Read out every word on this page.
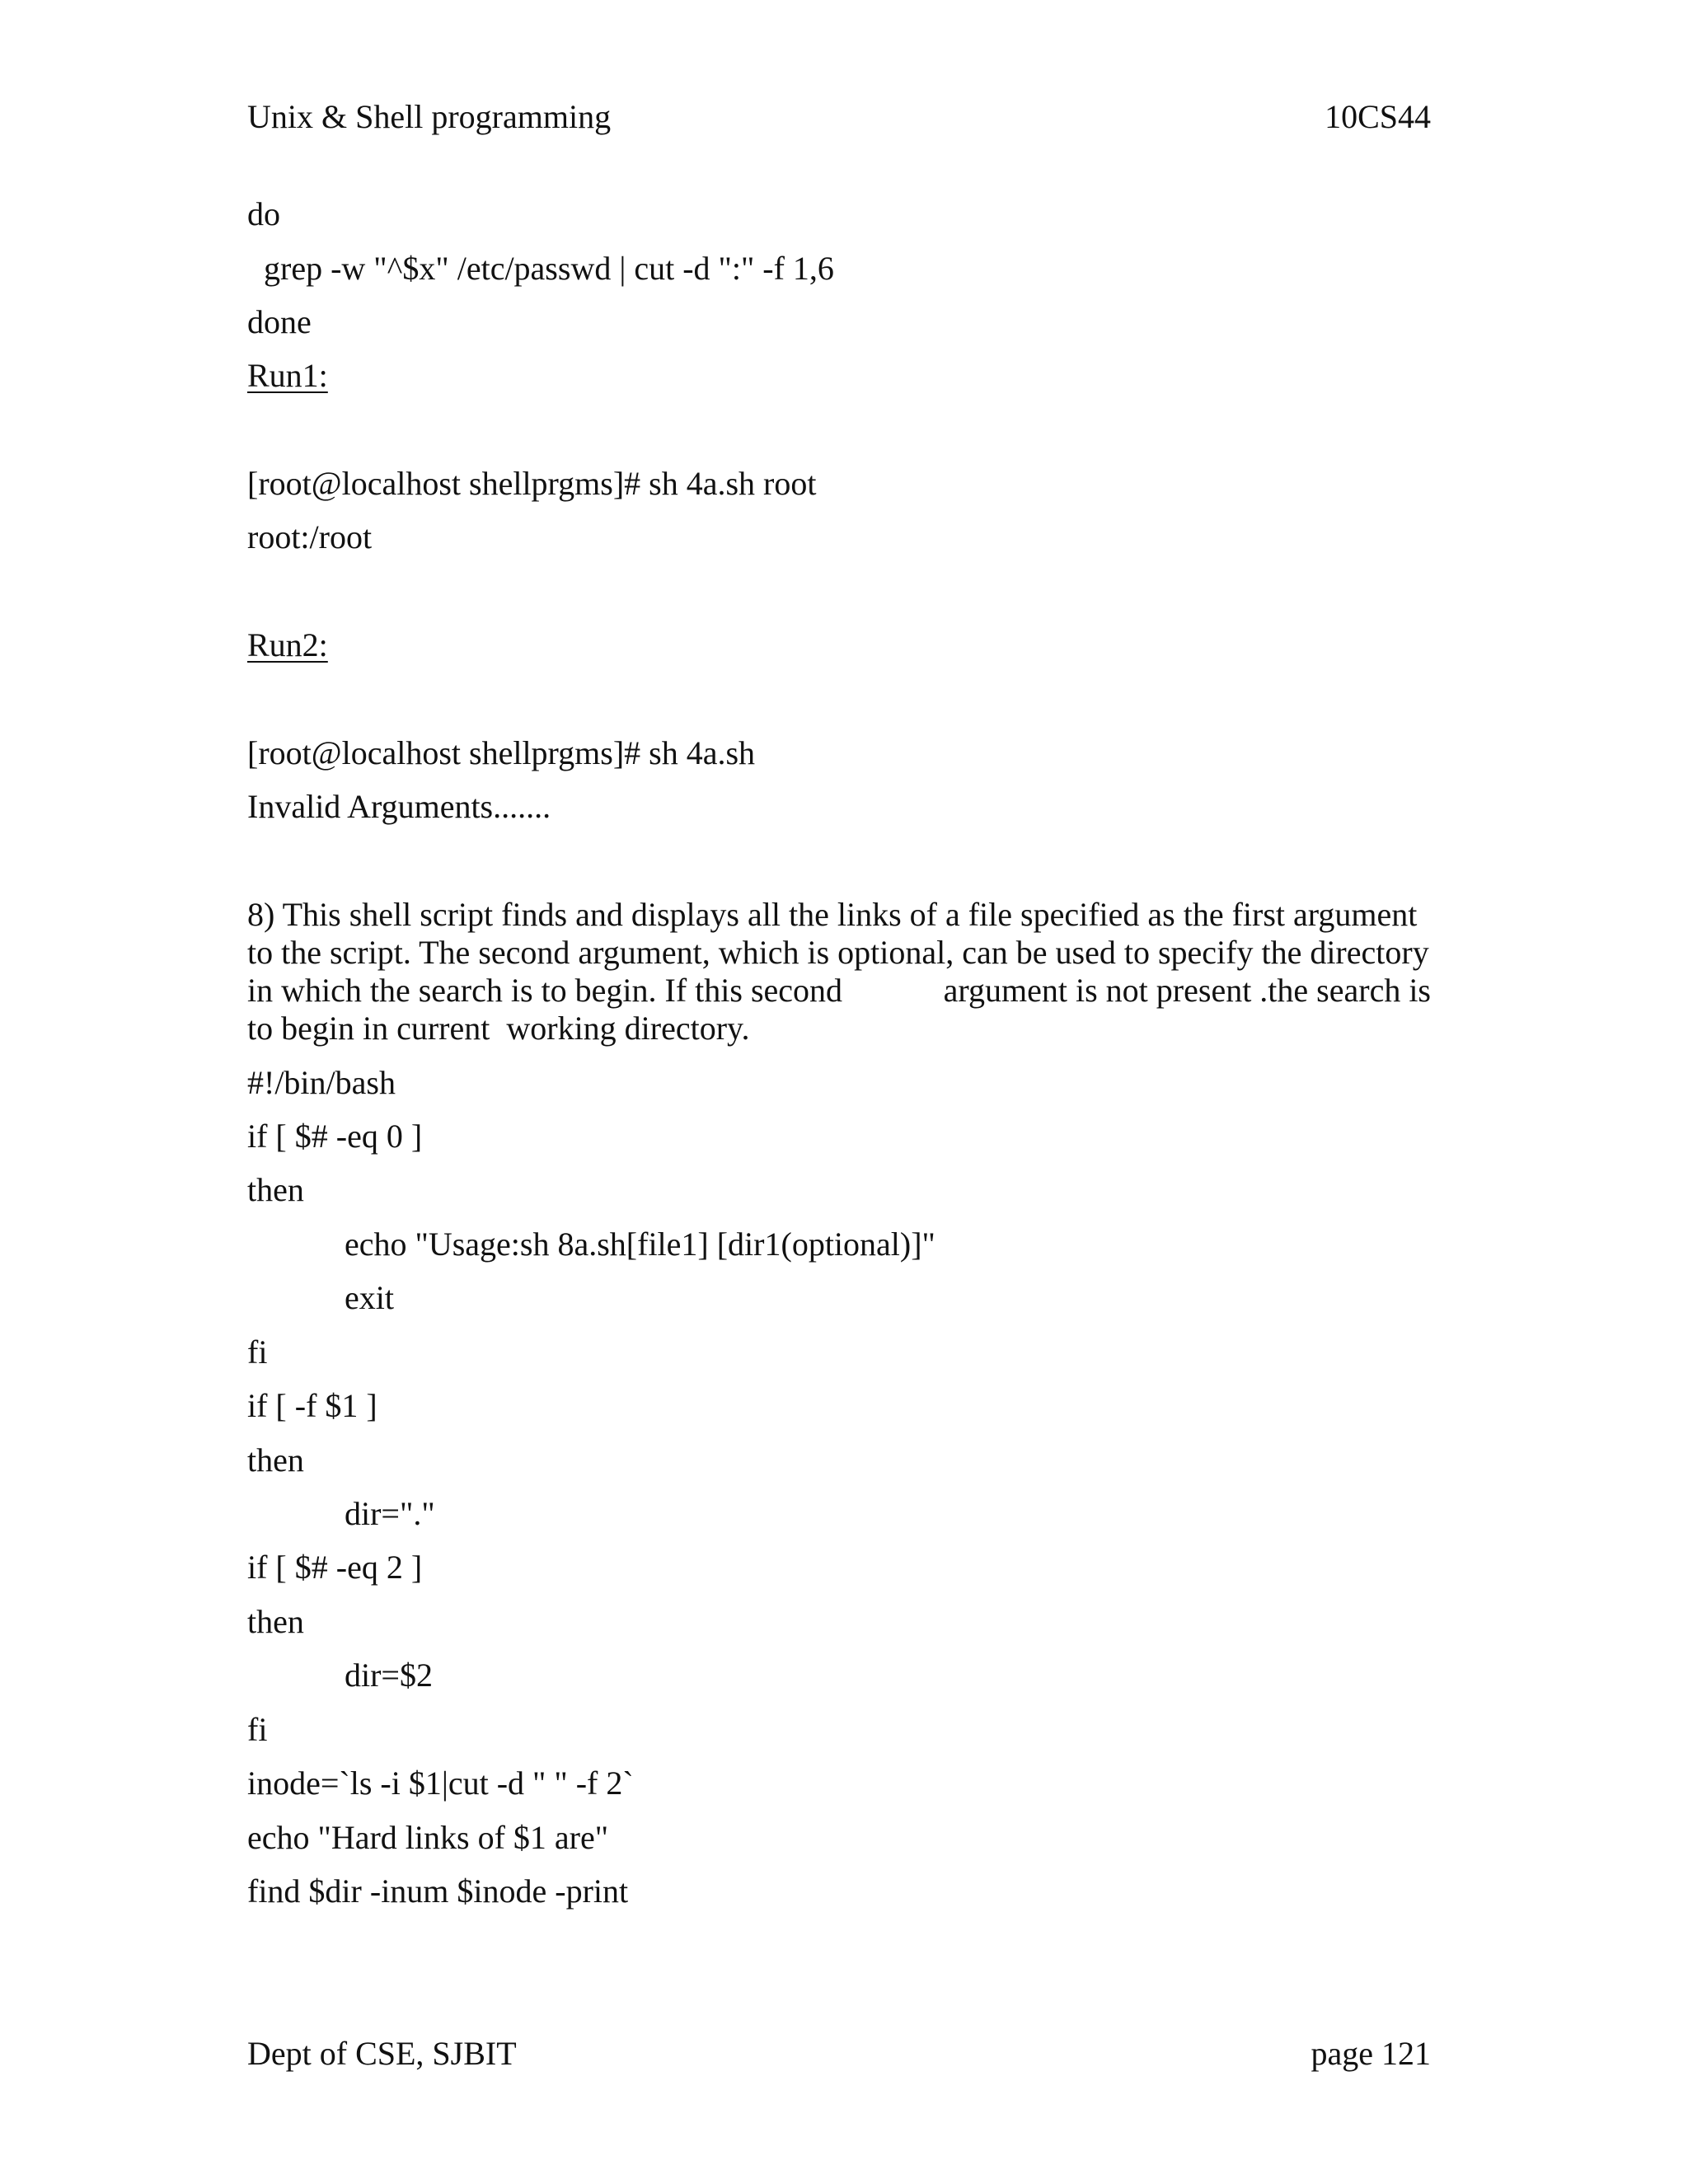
Unix & Shell programming	10CS44
do
grep -w "^$x" /etc/passwd | cut -d ":" -f 1,6
done
Run1:
[root@localhost shellprgms]# sh 4a.sh root
root:/root
Run2:
[root@localhost shellprgms]# sh 4a.sh
Invalid Arguments.......
8) This shell script finds and displays all the links of a file specified as the first argument
to the script. The second argument, which is optional, can be used to specify the directory
in which the search is to begin. If this second	argument is not present .the search is
to begin in current  working directory.
#!/bin/bash
if [ $# -eq 0 ]
then
echo "Usage:sh 8a.sh[file1] [dir1(optional)]"
exit
fi
if [ -f $1 ]
then
dir="."
if [ $# -eq 2 ]
then
dir=$2
fi
inode=`ls -i $1|cut -d " " -f 2`
echo "Hard links of $1 are"
find $dir -inum $inode -print
Dept of CSE, SJBIT	page 121
